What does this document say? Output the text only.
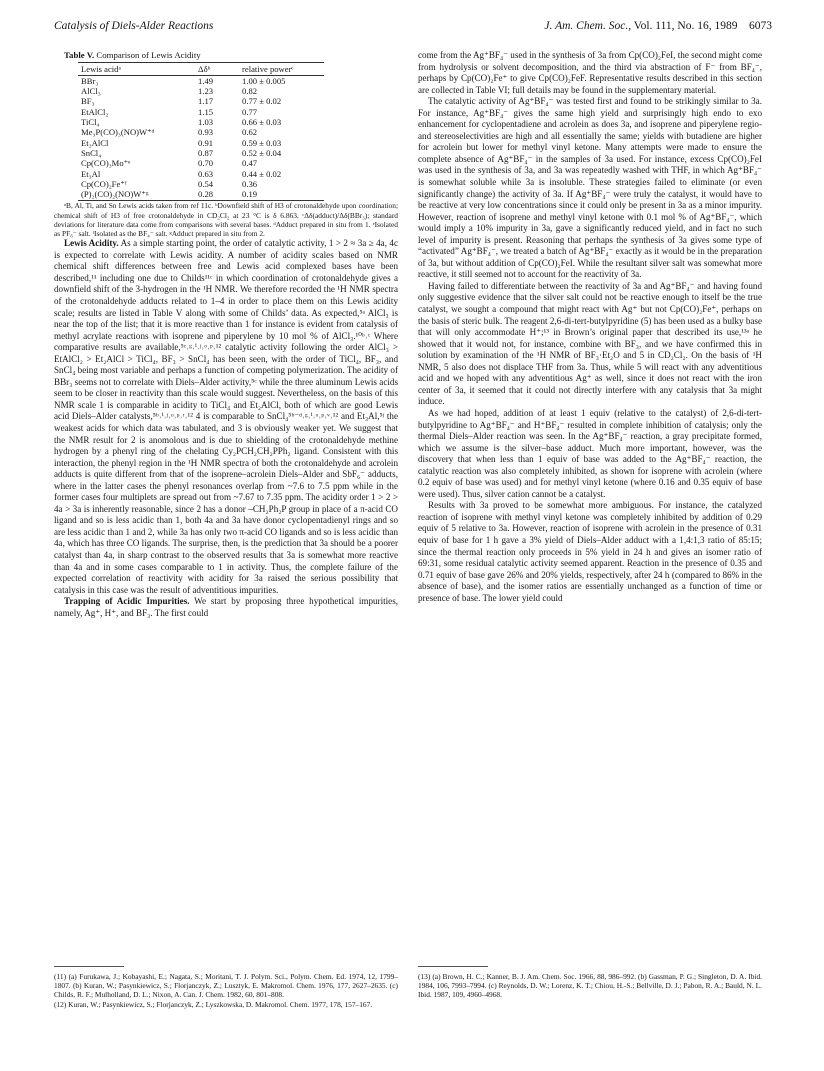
Catalysis of Diels-Alder Reactions	J. Am. Chem. Soc., Vol. 111, No. 16, 1989 6073

Table V. Comparison of Lewis Acidity

Lewis acidᵃ	Δδᵇ	relative powerᶜ
BBr₃	1.49	1.00 ± 0.005
AlCl₃	1.23	0.82
BF₃	1.17	0.77 ± 0.02
EtAlCl₂	1.15	0.77
TiCl₄	1.03	0.66 ± 0.03
Me₃P(CO)₃(NO)W⁺ᵈ	0.93	0.62
Et₂AlCl	0.91	0.59 ± 0.03
SnCl₄	0.87	0.52 ± 0.04
Cp(CO)₃Mo⁺ᵉ	0.70	0.47
Et₃Al	0.63	0.44 ± 0.02
Cp(CO)₂Fe⁺ᶠ	0.54	0.36
(P)₂(CO)₂(NO)W⁺ᵍ	0.28	0.19

ᵃB, Al, Ti, and Sn Lewis acids taken from ref 11c. ᵇDownfield shift of H3 of crotonaldehyde upon coordination; chemical shift of H3 of free crotonaldehyde in CD₂Cl₂ at 23 °C is δ 6.863. ᶜΔδ(adduct)/Δδ(BBr₃); standard deviations for literature data come from comparisons with several bases. ᵈAdduct prepared in situ from 1. ᵉIsolated as PF₆⁻ salt. ᶠIsolated as the BF₄⁻ salt. ᵍAdduct prepared in situ from 2.

Lewis Acidity. As a simple starting point, the order of catalytic activity, 1 > 2 ≈ 3a ≥ 4a, 4c is expected to correlate with Lewis acidity. A number of acidity scales based on NMR chemical shift differences between free and Lewis acid complexed bases have been described,¹¹ including one due to Childs¹¹ᶜ in which coordination of crotonaldehyde gives a downfield shift of the 3-hydrogen in the ¹H NMR. We therefore recorded the ¹H NMR spectra of the crotonaldehyde adducts related to 1–4 in order to place them on this Lewis acidity scale; results are listed in Table V along with some of Childs’ data. As expected,⁵ᵃ AlCl₃ is near the top of the list; that it is more reactive than 1 for instance is evident from catalysis of methyl acrylate reactions with isoprene and piperylene by 10 mol % of AlCl₃.¹⁰ᵇ˒ᶜ Where comparative results are available,⁵ᶜ˒ᵍ˒ⁱ˒ʲ˒ᵒ˒ᵖ˒¹² catalytic activity following the order AlCl₃ > EtAlCl₂ > Et₂AlCl > TiCl₄, BF₃ > SnCl₄ has been seen, with the order of TiCl₄, BF₃, and SnCl₄ being most variable and perhaps a function of competing polymerization. The acidity of BBr₃ seems not to correlate with Diels–Alder activity,⁵ᶜ while the three aluminum Lewis acids seem to be closer in reactivity than this scale would suggest. Nevertheless, on the basis of this NMR scale 1 is comparable in acidity to TiCl₄ and Et₂AlCl, both of which are good Lewis acid Diels–Alder catalysts,⁵ᵇ˒ⁱ˒ʲ˒ᵒ˒ᵖ˒ʳ˒¹² 4 is comparable to SnCl₄⁵ᵇ⁻ᵈ˒ᵍ˒ⁱ˒ᵒ˒ᵖ˒ᵛ˒¹² and Et₃Al,⁵ʲ the weakest acids for which data was tabulated, and 3 is obviously weaker yet. We suggest that the NMR result for 2 is anomolous and is due to shielding of the crotonaldehyde methine hydrogen by a phenyl ring of the chelating Cy₂PCH₂CH₂PPh₂ ligand. Consistent with this interaction, the phenyl region in the ¹H NMR spectra of both the crotonaldehyde and acrolein adducts is quite different from that of the isoprene–acrolein Diels–Alder and SbF₆⁻ adducts, where in the latter cases the phenyl resonances overlap from ~7.6 to 7.5 ppm while in the former cases four multiplets are spread out from ~7.67 to 7.35 ppm. The acidity order 1 > 2 > 4a > 3a is inherently reasonable, since 2 has a donor –CH₂Ph₂P group in place of a π-acid CO ligand and so is less acidic than 1, both 4a and 3a have donor cyclopentadienyl rings and so are less acidic than 1 and 2, while 3a has only two π-acid CO ligands and so is less acidic than 4a, which has three CO ligands. The surprise, then, is the prediction that 3a should be a poorer catalyst than 4a, in sharp contrast to the observed results that 3a is somewhat more reactive than 4a and in some cases comparable to 1 in activity. Thus, the complete failure of the expected correlation of reactivity with acidity for 3a raised the serious possibility that catalysis in this case was the result of adventitious impurities.

Trapping of Acidic Impurities. We start by proposing three hypothetical impurities, namely, Ag⁺, H⁺, and BF₃. The first could

come from the Ag⁺BF₄⁻ used in the synthesis of 3a from Cp(CO)₂FeI, the second might come from hydrolysis or solvent decomposition, and the third via abstraction of F⁻ from BF₄⁻, perhaps by Cp(CO)₂Fe⁺ to give Cp(CO)₂FeF. Representative results described in this section are collected in Table VI; full details may be found in the supplementary material.

The catalytic activity of Ag⁺BF₄⁻ was tested first and found to be strikingly similar to 3a. For instance, Ag⁺BF₄⁻ gives the same high yield and surprisingly high endo to exo enhancement for cyclopentadiene and acrolein as does 3a, and isoprene and piperylene regio- and stereoselectivities are high and all essentially the same; yields with butadiene are higher for acrolein but lower for methyl vinyl ketone. Many attempts were made to ensure the complete absence of Ag⁺BF₄⁻ in the samples of 3a used. For instance, excess Cp(CO)₂FeI was used in the synthesis of 3a, and 3a was repeatedly washed with THF, in which Ag⁺BF₄⁻ is somewhat soluble while 3a is insoluble. These strategies failed to eliminate (or even significantly change) the activity of 3a. If Ag⁺BF₄⁻ were truly the catalyst, it would have to be reactive at very low concentrations since it could only be present in 3a as a minor impurity. However, reaction of isoprene and methyl vinyl ketone with 0.1 mol % of Ag⁺BF₄⁻, which would imply a 10% impurity in 3a, gave a significantly reduced yield, and in fact no such level of impurity is present. Reasoning that perhaps the synthesis of 3a gives some type of “activated” Ag⁺BF₄⁻, we treated a batch of Ag⁺BF₄⁻ exactly as it would be in the preparation of 3a, but without addition of Cp(CO)₂FeI. While the resultant silver salt was somewhat more reactive, it still seemed not to account for the reactivity of 3a.

Having failed to differentiate between the reactivity of 3a and Ag⁺BF₄⁻ and having found only suggestive evidence that the silver salt could not be reactive enough to itself be the true catalyst, we sought a compound that might react with Ag⁺ but not Cp(CO)₂Fe⁺, perhaps on the basis of steric bulk. The reagent 2,6-di-tert-butylpyridine (5) has been used as a bulky base that will only accommodate H⁺;¹³ in Brown’s original paper that described its use,¹³ᵃ he showed that it would not, for instance, combine with BF₃, and we have confirmed this in solution by examination of the ¹H NMR of BF₃·Et₂O and 5 in CD₂Cl₂. On the basis of ¹H NMR, 5 also does not displace THF from 3a. Thus, while 5 will react with any adventitious acid and we hoped with any adventitious Ag⁺ as well, since it does not react with the iron center of 3a, it seemed that it could not directly interfere with any catalysis that 3a might induce.

As we had hoped, addition of at least 1 equiv (relative to the catalyst) of 2,6-di-tert-butylpyridine to Ag⁺BF₄⁻ and H⁺BF₄⁻ resulted in complete inhibition of catalysis; only the thermal Diels–Alder reaction was seen. In the Ag⁺BF₄⁻ reaction, a gray precipitate formed, which we assume is the silver–base adduct. Much more important, however, was the discovery that when less than 1 equiv of base was added to the Ag⁺BF₄⁻ reaction, the catalytic reaction was also completely inhibited, as shown for isoprene with acrolein (where 0.2 equiv of base was used) and for methyl vinyl ketone (where 0.16 and 0.35 equiv of base were used). Thus, silver cation cannot be a catalyst.

Results with 3a proved to be somewhat more ambiguous. For instance, the catalyzed reaction of isoprene with methyl vinyl ketone was completely inhibited by addition of 0.29 equiv of 5 relative to 3a. However, reaction of isoprene with acrolein in the presence of 0.31 equiv of base for 1 h gave a 3% yield of Diels–Alder adduct with a 1,4:1,3 ratio of 85:15; since the thermal reaction only proceeds in 5% yield in 24 h and gives an isomer ratio of 69:31, some residual catalytic activity seemed apparent. Reaction in the presence of 0.35 and 0.71 equiv of base gave 26% and 20% yields, respectively, after 24 h (compared to 86% in the absence of base), and the isomer ratios are essentially unchanged as a function of time or presence of base. The lower yield could

(11) (a) Furukawa, J.; Kobayashi, E.; Nagata, S.; Moritani, T. J. Polym. Sci., Polym. Chem. Ed. 1974, 12, 1799–1807. (b) Kuran, W.; Pasynkiewicz, S.; Florjanczyk, Z.; Lusztyk, E. Makromol. Chem. 1976, 177, 2627–2635. (c) Childs, R. F.; Mulholland, D. L.; Nixon, A. Can. J. Chem. 1982, 60, 801–808.

(12) Kuran, W.; Pasynkiewicz, S.; Florjanczyk, Z.; Lyszkowska, D. Makromol. Chem. 1977, 178, 157–167.

(13) (a) Brown, H. C.; Kanner, B. J. Am. Chem. Soc. 1966, 88, 986–992. (b) Gassman, P. G.; Singleton, D. A. Ibid. 1984, 106, 7993–7994. (c) Reynolds, D. W.; Lorenz, K. T.; Chiou, H.-S.; Bellville, D. J.; Pabon, R. A.; Bauld, N. L. Ibid. 1987, 109, 4960–4968.
